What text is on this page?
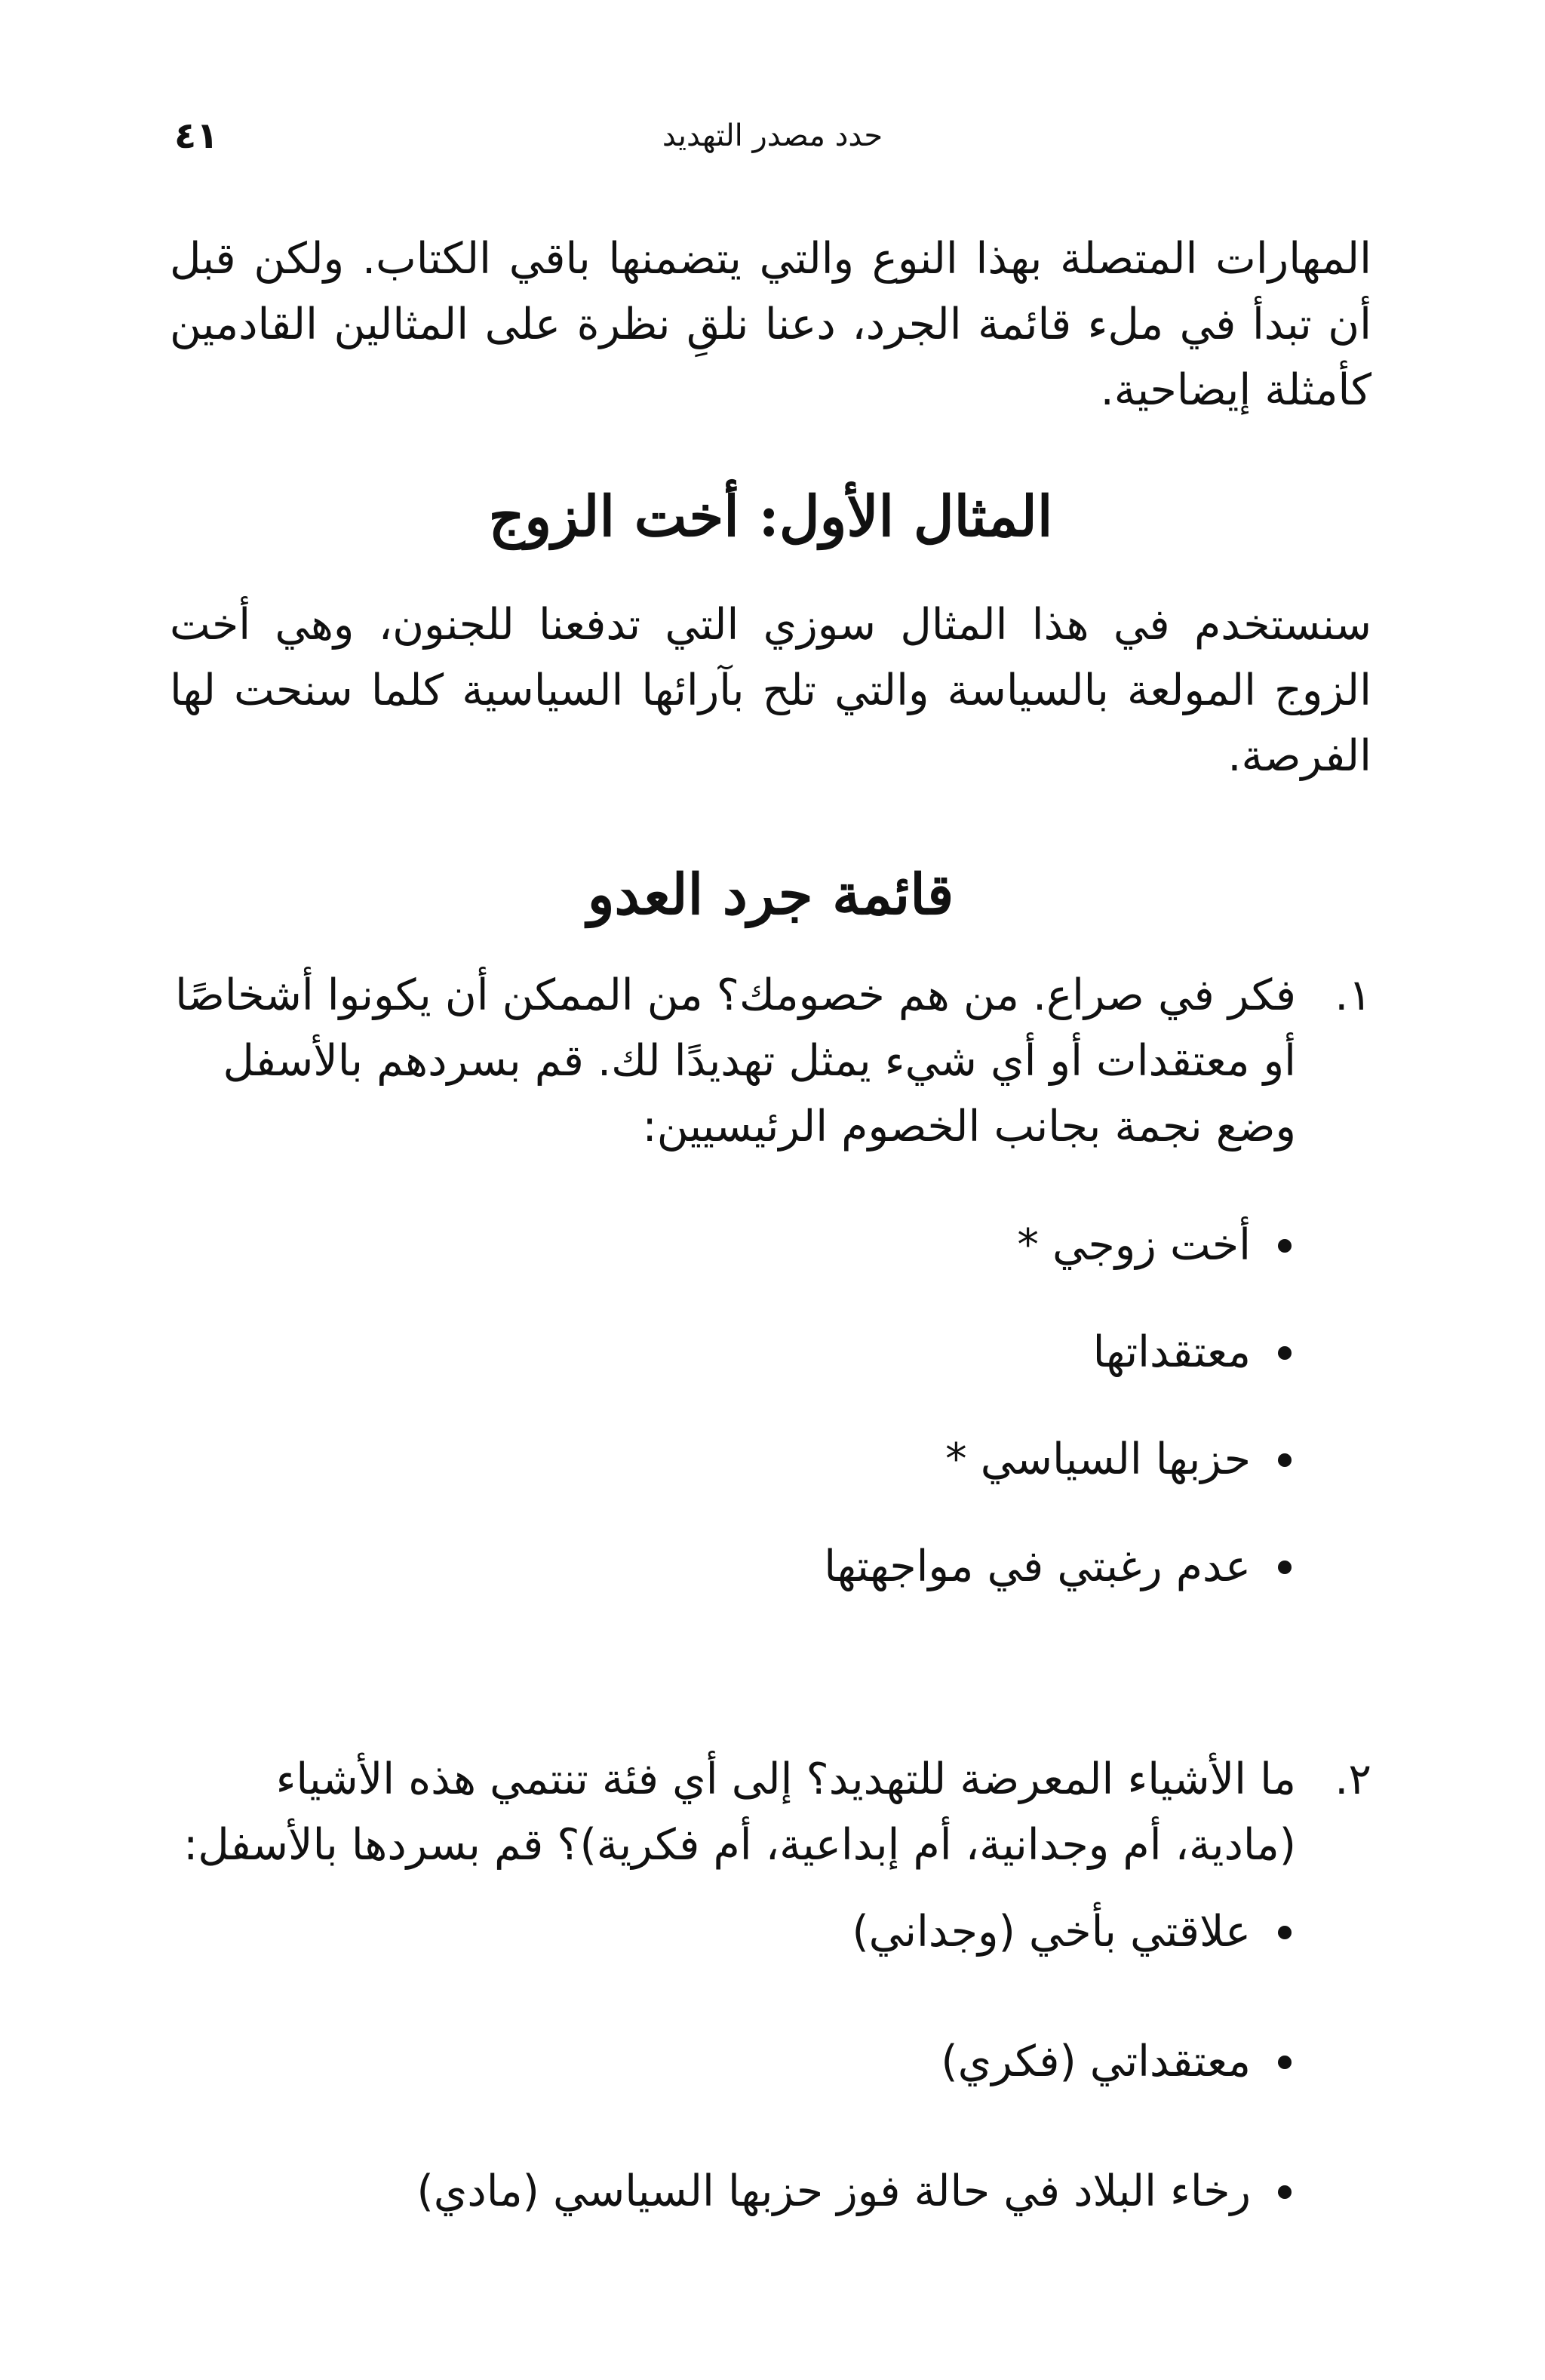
حدد مصدر التهديد
٤١

المهارات المتصلة بهذا النوع والتي يتضمنها باقي الكتاب. ولكن قبل أن تبدأ في ملء قائمة الجرد، دعنا نلقِ نظرة على المثالين القادمين كأمثلة إيضاحية.

المثال الأول: أخت الزوج

سنستخدم في هذا المثال سوزي التي تدفعنا للجنون، وهي أخت الزوج المولعة بالسياسة والتي تلح بآرائها السياسية كلما سنحت لها الفرصة.

قائمة جرد العدو
١.

فكر في صراع. من هم خصومك؟ من الممكن أن يكونوا أشخاصًا أو معتقدات أو أي شيء يمثل تهديدًا لك. قم بسردهم بالأسفل وضع نجمة بجانب الخصوم الرئيسيين:

أخت زوجي *
معتقداتها
حزبها السياسي *
عدم رغبتي في مواجهتها
٢.

ما الأشياء المعرضة للتهديد؟ إلى أي فئة تنتمي هذه الأشياء (مادية، أم وجدانية، أم إبداعية، أم فكرية)؟ قم بسردها بالأسفل:

علاقتي بأخي (وجداني)
معتقداتي (فكري)
رخاء البلاد في حالة فوز حزبها السياسي (مادي)
